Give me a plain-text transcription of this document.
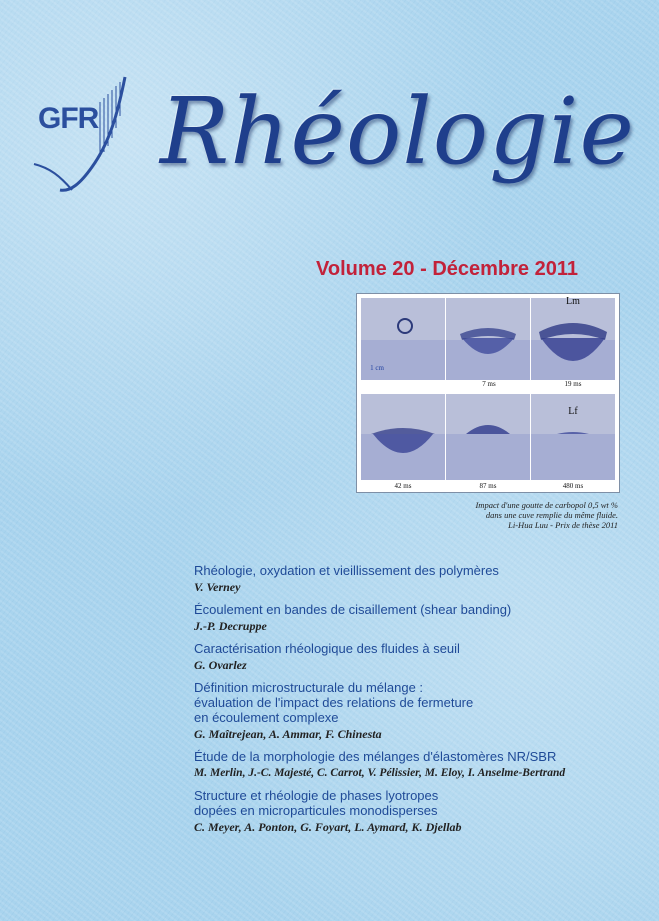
GFR Rhéologie
Volume 20 - Décembre 2011
1 cm
Lm
7 ms	19 ms
Lf
42 ms	87 ms	480 ms
Impact d'une goutte de carbopol 0,5 wt %
dans une cuve remplie du même fluide.
Li-Hua Luu - Prix de thèse 2011
Rhéologie, oxydation et vieillissement des polymères
V. Verney
Écoulement en bandes de cisaillement (shear banding)
J.-P. Decruppe
Caractérisation rhéologique des fluides à seuil
G. Ovarlez
Définition microstructurale du mélange :
évaluation de l'impact des relations de fermeture
en écoulement complexe
G. Maîtrejean, A. Ammar, F. Chinesta
Étude de la morphologie des mélanges d'élastomères NR/SBR
M. Merlin, J.-C. Majesté, C. Carrot, V. Pélissier, M. Eloy, I. Anselme-Bertrand
Structure et rhéologie de phases lyotropes
dopées en microparticules monodisperses
C. Meyer, A. Ponton, G. Foyart, L. Aymard, K. Djellab
